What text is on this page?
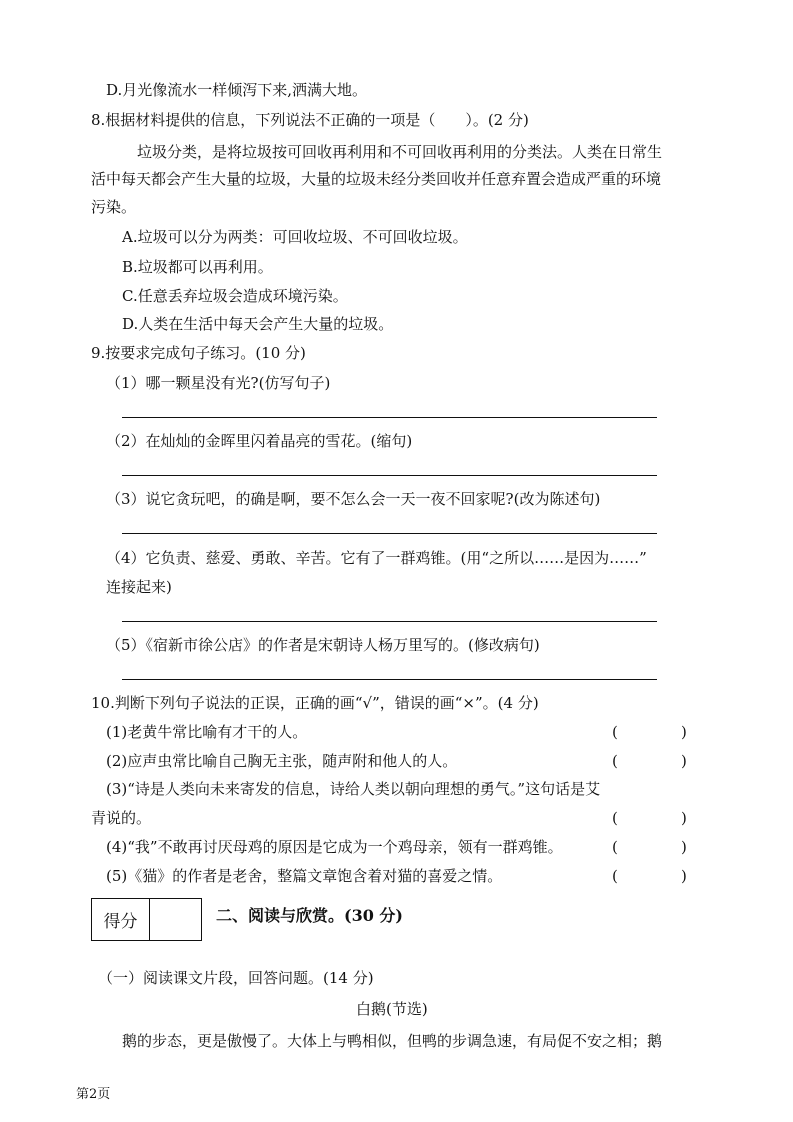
D.月光像流水一样倾泻下来,洒满大地。
8.根据材料提供的信息，下列说法不正确的一项是（　　）。(2 分)
垃圾分类，是将垃圾按可回收再利用和不可回收再利用的分类法。人类在日常生
活中每天都会产生大量的垃圾，大量的垃圾未经分类回收并任意弃置会造成严重的环境
污染。
A.垃圾可以分为两类：可回收垃圾、不可回收垃圾。
B.垃圾都可以再利用。
C.任意丢弃垃圾会造成环境污染。
D.人类在生活中每天会产生大量的垃圾。
9.按要求完成句子练习。(10 分)
（1）哪一颗星没有光?(仿写句子)
（2）在灿灿的金晖里闪着晶亮的雪花。(缩句)
（3）说它贪玩吧，的确是啊，要不怎么会一天一夜不回家呢?(改为陈述句)
（4）它负责、慈爱、勇敢、辛苦。它有了一群鸡锥。(用“之所以……是因为……”
连接起来)
（5）《宿新市徐公店》的作者是宋朝诗人杨万里写的。(修改病句)
10.判断下列句子说法的正误，正确的画“√”，错误的画“×”。(4 分)
(1)老黄牛常比喻有才干的人。	(	)
(2)应声虫常比喻自己胸无主张，随声附和他人的人。	(	)
(3)“诗是人类向未来寄发的信息，诗给人类以朝向理想的勇气。”这句话是艾
青说的。	(	)
(4)“我”不敢再讨厌母鸡的原因是它成为一个鸡母亲，领有一群鸡锥。	(	)
(5)《猫》的作者是老舍，整篇文章饱含着对猫的喜爱之情。	(	)
得分	二、阅读与欣赏。(30 分)
（一）阅读课文片段，回答问题。(14 分)
白鹅(节选)
鹅的步态，更是傲慢了。大体上与鸭相似，但鸭的步调急速，有局促不安之相；鹅
第2页
